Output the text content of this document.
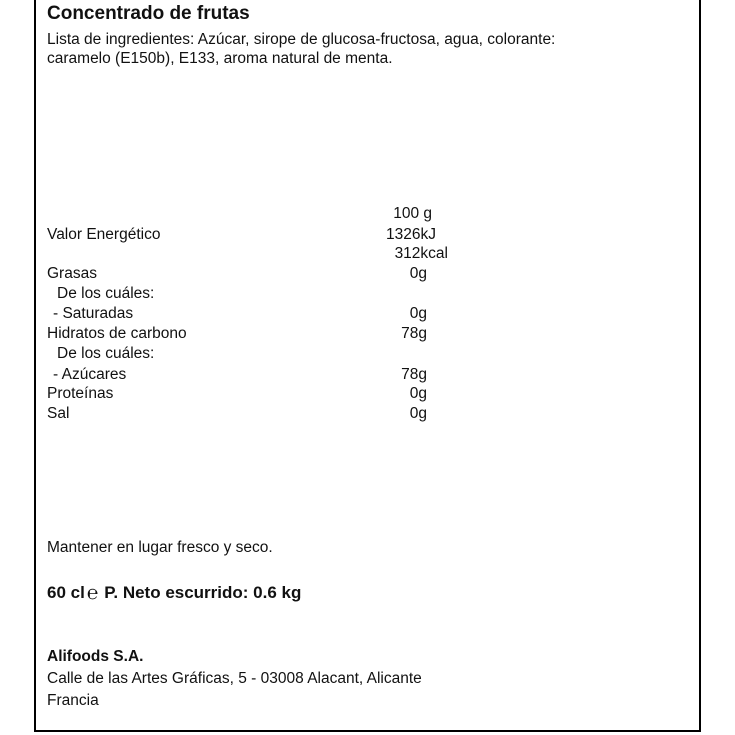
Concentrado de frutas
Lista de ingredientes: Azúcar, sirope de glucosa-fructosa, agua, colorante:
caramelo (E150b), E133, aroma natural de menta.
100 g
Valor Energético	1326kJ
312kcal
Grasas	0g
De los cuáles:
- Saturadas	0g
Hidratos de carbono	78g
De los cuáles:
- Azúcares	78g
Proteínas	0g
Sal	0g
Mantener en lugar fresco y seco.
60 cl ℮ P. Neto escurrido: 0.6 kg
Alifoods S.A.
Calle de las Artes Gráficas, 5 - 03008 Alacant, Alicante
Francia
